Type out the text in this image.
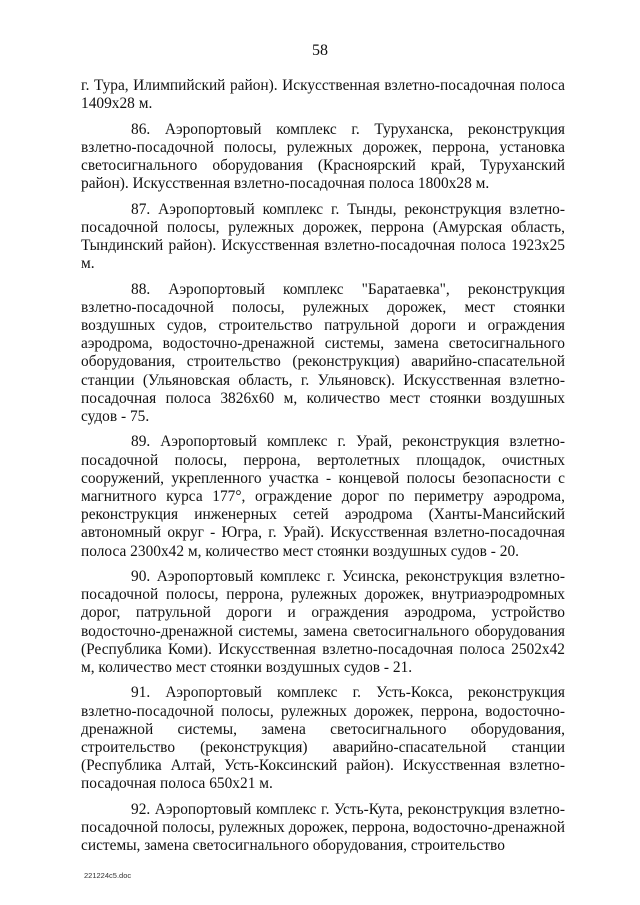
58

г. Тура, Илимпийский район). Искусственная взлетно-посадочная полоса 1409х28 м.

86. Аэропортовый комплекс г. Туруханска, реконструкция взлетно-посадочной полосы, рулежных дорожек, перрона, установка светосигнального оборудования (Красноярский край, Туруханский район). Искусственная взлетно-посадочная полоса 1800х28 м.

87. Аэропортовый комплекс г. Тынды, реконструкция взлетно-посадочной полосы, рулежных дорожек, перрона (Амурская область, Тындинский район). Искусственная взлетно-посадочная полоса 1923х25 м.

88. Аэропортовый комплекс "Баратаевка", реконструкция взлетно-посадочной полосы, рулежных дорожек, мест стоянки воздушных судов, строительство патрульной дороги и ограждения аэродрома, водосточно-дренажной системы, замена светосигнального оборудования, строительство (реконструкция) аварийно-спасательной станции (Ульяновская область, г. Ульяновск). Искусственная взлетно-посадочная полоса 3826х60 м, количество мест стоянки воздушных судов - 75.

89. Аэропортовый комплекс г. Урай, реконструкция взлетно-посадочной полосы, перрона, вертолетных площадок, очистных сооружений, укрепленного участка - концевой полосы безопасности с магнитного курса 177°, ограждение дорог по периметру аэродрома, реконструкция инженерных сетей аэродрома (Ханты-Мансийский автономный округ - Югра, г. Урай). Искусственная взлетно-посадочная полоса 2300х42 м, количество мест стоянки воздушных судов - 20.

90. Аэропортовый комплекс г. Усинска, реконструкция взлетно-посадочной полосы, перрона, рулежных дорожек, внутриаэродромных дорог, патрульной дороги и ограждения аэродрома, устройство водосточно-дренажной системы, замена светосигнального оборудования (Республика Коми). Искусственная взлетно-посадочная полоса 2502х42 м, количество мест стоянки воздушных судов - 21.

91. Аэропортовый комплекс г. Усть-Кокса, реконструкция взлетно-посадочной полосы, рулежных дорожек, перрона, водосточно-дренажной системы, замена светосигнального оборудования, строительство (реконструкция) аварийно-спасательной станции (Республика Алтай, Усть-Коксинский район). Искусственная взлетно-посадочная полоса 650х21 м.

92. Аэропортовый комплекс г. Усть-Кута, реконструкция взлетно-посадочной полосы, рулежных дорожек, перрона, водосточно-дренажной системы, замена светосигнального оборудования, строительство

221224с5.doc
